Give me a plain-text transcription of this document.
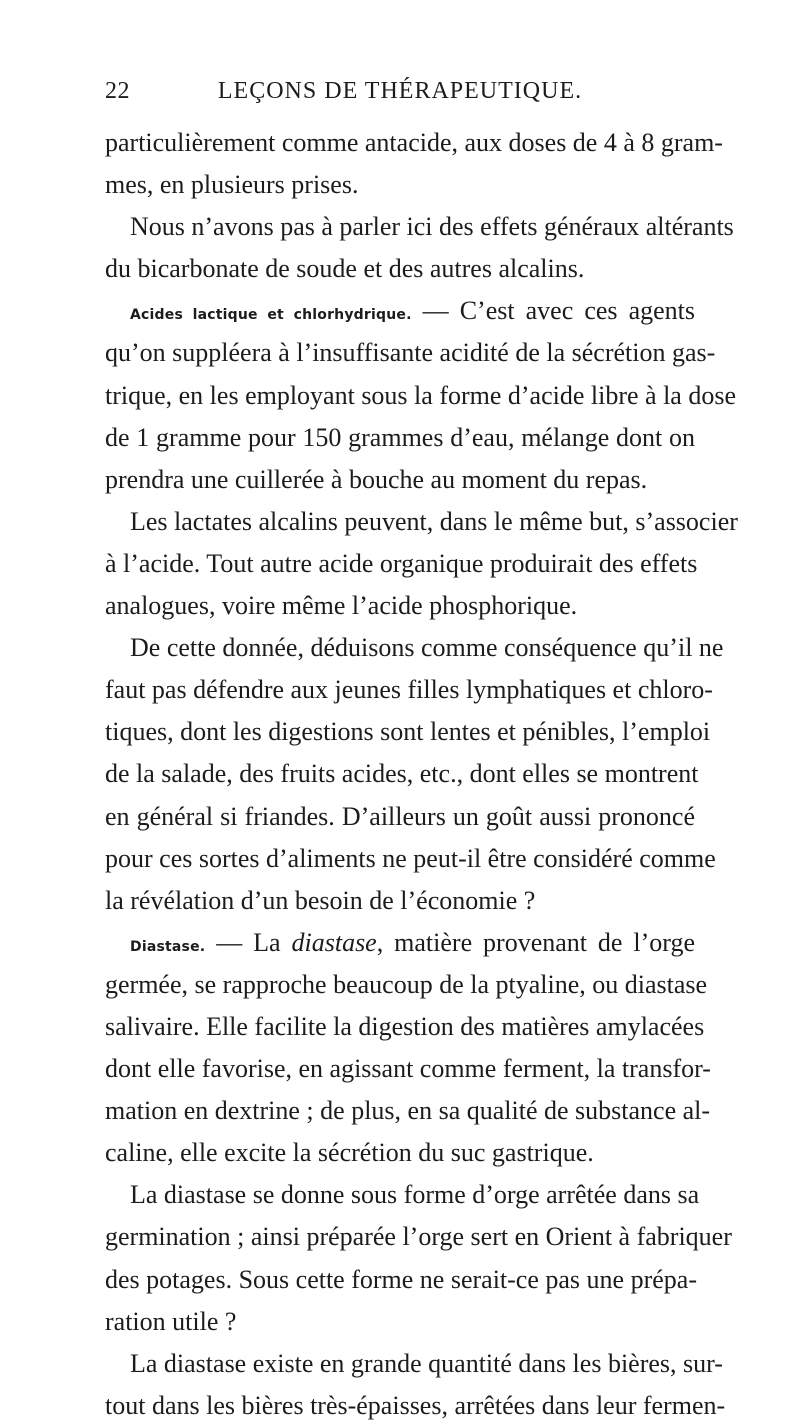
22	LEÇONS DE THÉRAPEUTIQUE.
particulièrement comme antacide, aux doses de 4 à 8 gram-
mes, en plusieurs prises.
Nous n’avons pas à parler ici des effets généraux altérants
du bicarbonate de soude et des autres alcalins.
Acides lactique et chlorhydrique. — C’est avec ces agents
qu’on suppléera à l’insuffisante acidité de la sécrétion gas-
trique, en les employant sous la forme d’acide libre à la dose
de 1 gramme pour 150 grammes d’eau, mélange dont on
prendra une cuillerée à bouche au moment du repas.
Les lactates alcalins peuvent, dans le même but, s’associer
à l’acide. Tout autre acide organique produirait des effets
analogues, voire même l’acide phosphorique.
De cette donnée, déduisons comme conséquence qu’il ne
faut pas défendre aux jeunes filles lymphatiques et chloro-
tiques, dont les digestions sont lentes et pénibles, l’emploi
de la salade, des fruits acides, etc., dont elles se montrent
en général si friandes. D’ailleurs un goût aussi prononcé
pour ces sortes d’aliments ne peut-il être considéré comme
la révélation d’un besoin de l’économie ?
Diastase. — La diastase, matière provenant de l’orge
germée, se rapproche beaucoup de la ptyaline, ou diastase
salivaire. Elle facilite la digestion des matières amylacées
dont elle favorise, en agissant comme ferment, la transfor-
mation en dextrine ; de plus, en sa qualité de substance al-
caline, elle excite la sécrétion du suc gastrique.
La diastase se donne sous forme d’orge arrêtée dans sa
germination ; ainsi préparée l’orge sert en Orient à fabriquer
des potages. Sous cette forme ne serait-ce pas une prépa-
ration utile ?
La diastase existe en grande quantité dans les bières, sur-
tout dans les bières très-épaisses, arrêtées dans leur fermen-
